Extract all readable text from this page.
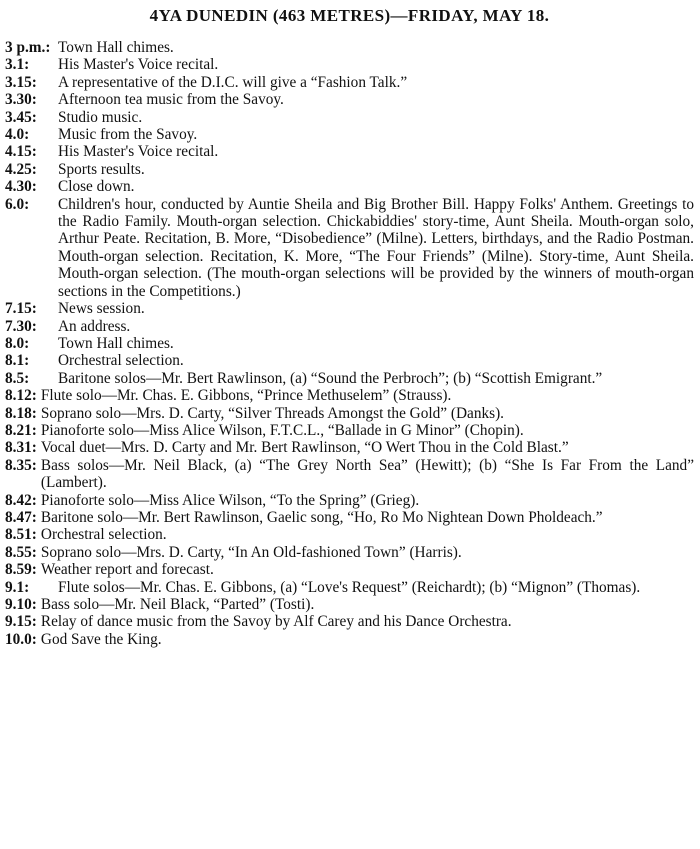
4YA DUNEDIN (463 METRES)—FRIDAY, MAY 18.
3 p.m. : Town Hall chimes.
3.1 : His Master's Voice recital.
3.15 : A representative of the D.I.C. will give a “Fashion Talk.”
3.30 : Afternoon tea music from the Savoy.
3.45 : Studio music.
4.0 : Music from the Savoy.
4.15 : His Master's Voice recital.
4.25 : Sports results.
4.30 : Close down.
6.0 : Children's hour, conducted by Auntie Sheila and Big Brother Bill. Happy Folks' Anthem. Greetings to the Radio Family. Mouth-organ selection. Chickabiddies' story-time, Aunt Sheila. Mouth-organ solo, Arthur Peate. Recitation, B. More, “Disobedience” (Milne). Letters, birthdays, and the Radio Postman. Mouth-organ selection. Recitation, K. More, “The Four Friends” (Milne). Story-time, Aunt Sheila. Mouth-organ selection. (The mouth-organ selections will be provided by the winners of mouth-organ sections in the Competitions.)
7.15 : News session.
7.30 : An address.
8.0 : Town Hall chimes.
8.1 : Orchestral selection.
8.5 : Baritone solos—Mr. Bert Rawlinson, (a) “Sound the Perbroch”; (b) “Scottish Emigrant.”
8.12 : Flute solo—Mr. Chas. E. Gibbons, “Prince Methuselem” (Strauss).
8.18 : Soprano solo—Mrs. D. Carty, “Silver Threads Amongst the Gold” (Danks).
8.21 : Pianoforte solo—Miss Alice Wilson, F.T.C.L., “Ballade in G Minor” (Chopin).
8.31 : Vocal duet—Mrs. D. Carty and Mr. Bert Rawlinson, “O Wert Thou in the Cold Blast.”
8.35 : Bass solos—Mr. Neil Black, (a) “The Grey North Sea” (Hewitt); (b) “She Is Far From the Land” (Lambert).
8.42 : Pianoforte solo—Miss Alice Wilson, “To the Spring” (Grieg).
8.47 : Baritone solo—Mr. Bert Rawlinson, Gaelic song, “Ho, Ro Mo Nightean Down Pholdeach.”
8.51 : Orchestral selection.
8.55 : Soprano solo—Mrs. D. Carty, “In An Old-fashioned Town” (Harris).
8.59 : Weather report and forecast.
9.1 : Flute solos—Mr. Chas. E. Gibbons, (a) “Love's Request” (Reichardt); (b) “Mignon” (Thomas).
9.10 : Bass solo—Mr. Neil Black, “Parted” (Tosti).
9.15 : Relay of dance music from the Savoy by Alf Carey and his Dance Orchestra.
10.0 : God Save the King.
